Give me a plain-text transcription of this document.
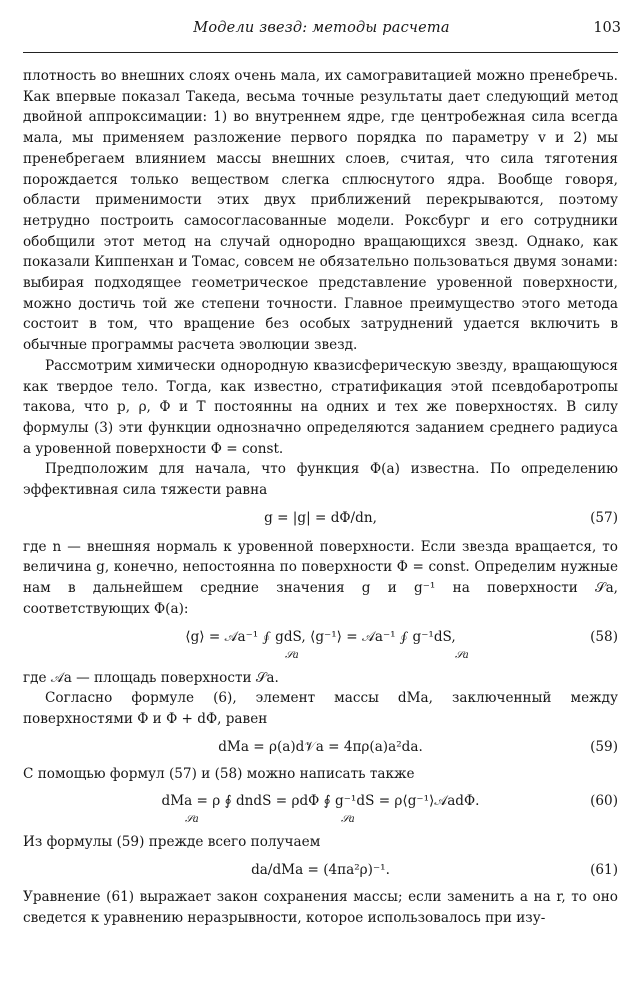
Модели звезд: методы расчета	103

плотность во внешних слоях очень мала, их самогравитацией можно пренебречь. Как впервые показал Такеда, весьма точные результаты дает следующий метод двойной аппроксимации: 1) во внутреннем ядре, где центробежная сила всегда мала, мы применяем разложение первого порядка по параметру v и 2) мы пренебрегаем влиянием массы внешних слоев, считая, что сила тяготения порождается только веществом слегка сплюснутого ядра. Вообще говоря, области применимости этих двух приближений перекрываются, поэтому нетрудно построить самосогласованные модели. Роксбург и его сотрудники обобщили этот метод на случай однородно вращающихся звезд. Однако, как показали Киппенхан и Томас, совсем не обязательно пользоваться двумя зонами: выбирая подходящее геометрическое представление уровенной поверхности, можно достичь той же степени точности. Главное преимущество этого метода состоит в том, что вращение без особых затруднений удается включить в обычные программы расчета эволюции звезд.

Рассмотрим химически однородную квазисферическую звезду, вращающуюся как твердое тело. Тогда, как известно, стратификация этой псевдобаротропы такова, что p, ρ, Φ и T постоянны на одних и тех же поверхностях. В силу формулы (3) эти функции однозначно определяются заданием среднего радиуса a уровенной поверхности Φ = const.

Предположим для начала, что функция Φ(a) известна. По определению эффективная сила тяжести равна

g = |g| = dΦ/dn,	(57)

где n — внешняя нормаль к уровенной поверхности. Если звезда вращается, то величина g, конечно, непостоянна по поверхности Φ = const. Определим нужные нам в дальнейшем средние значения g и g⁻¹ на поверхности 𝒮a, соответствующих Φ(a):

⟨g⟩ = 𝒜a⁻¹ ∮ gdS, ⟨g⁻¹⟩ = 𝒜a⁻¹ ∮ g⁻¹dS,
𝒮a	𝒮a
(58)

где 𝒜a — площадь поверхности 𝒮a.

Согласно формуле (6), элемент массы dMa, заключенный между поверхностями Φ и Φ + dΦ, равен

dMa = ρ(a)d𝒱a = 4πρ(a)a²da.	(59)

С помощью формул (57) и (58) можно написать также

dMa = ρ ∮ dndS = ρdΦ ∮ g⁻¹dS = ρ⟨g⁻¹⟩𝒜adΦ.
𝒮a	𝒮a
(60)

Из формулы (59) прежде всего получаем

da/dMa = (4πa²ρ)⁻¹.	(61)

Уравнение (61) выражает закон сохранения массы; если заменить a на r, то оно сведется к уравнению неразрывности, которое использовалось при изу-
